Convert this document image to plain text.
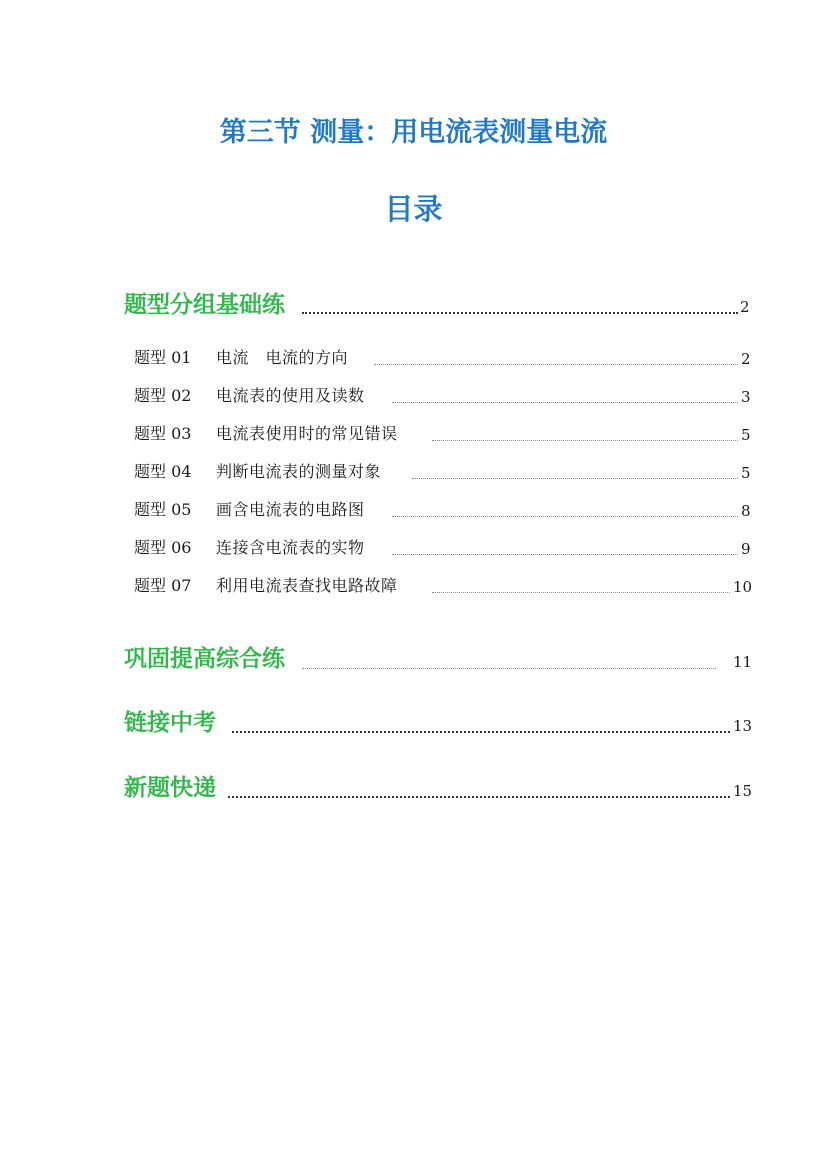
第三节 测量：用电流表测量电流
目录
题型分组基础练	2
题型 01 电流　电流的方向	2
题型 02 电流表的使用及读数	3
题型 03 电流表使用时的常见错误	5
题型 04 判断电流表的测量对象	5
题型 05 画含电流表的电路图	8
题型 06 连接含电流表的实物	9
题型 07 利用电流表查找电路故障	10
巩固提高综合练	11
链接中考	13
新题快递	15
